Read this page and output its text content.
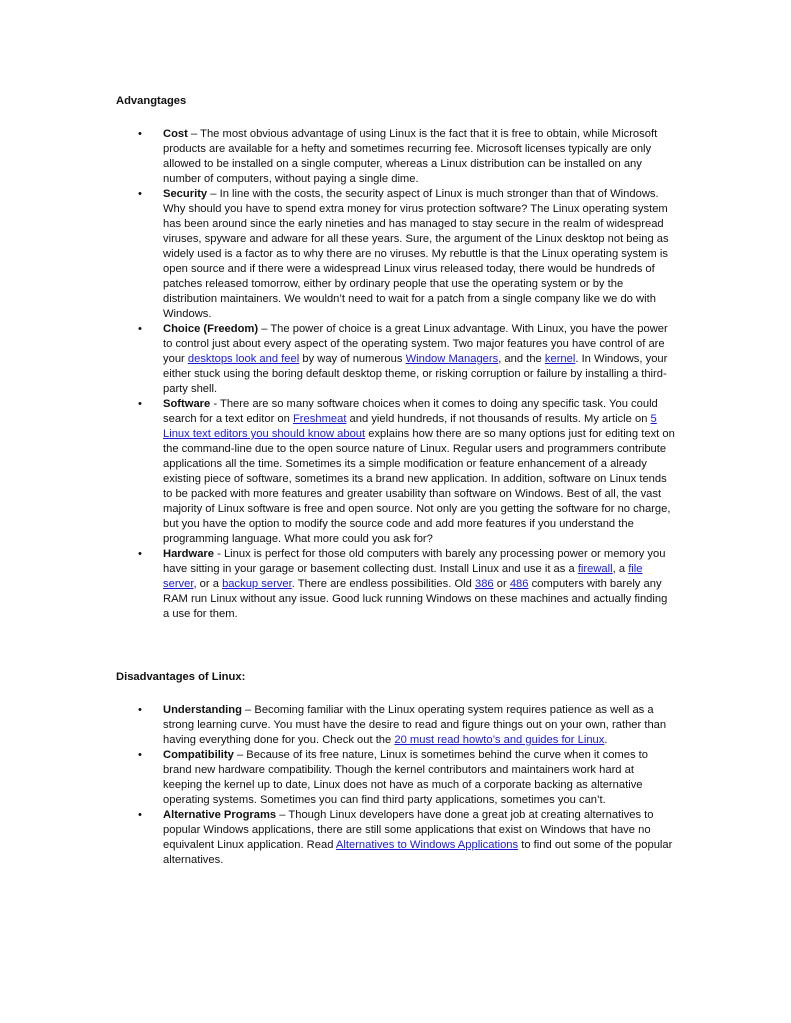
Advangtages
• Cost – The most obvious advantage of using Linux is the fact that it is free to obtain, while Microsoft products are available for a hefty and sometimes recurring fee. Microsoft licenses typically are only allowed to be installed on a single computer, whereas a Linux distribution can be installed on any number of computers, without paying a single dime.
• Security – In line with the costs, the security aspect of Linux is much stronger than that of Windows. Why should you have to spend extra money for virus protection software? The Linux operating system has been around since the early nineties and has managed to stay secure in the realm of widespread viruses, spyware and adware for all these years. Sure, the argument of the Linux desktop not being as widely used is a factor as to why there are no viruses. My rebuttle is that the Linux operating system is open source and if there were a widespread Linux virus released today, there would be hundreds of patches released tomorrow, either by ordinary people that use the operating system or by the distribution maintainers. We wouldn’t need to wait for a patch from a single company like we do with Windows.
• Choice (Freedom) – The power of choice is a great Linux advantage. With Linux, you have the power to control just about every aspect of the operating system. Two major features you have control of are your desktops look and feel by way of numerous Window Managers, and the kernel. In Windows, your either stuck using the boring default desktop theme, or risking corruption or failure by installing a third-party shell.
• Software - There are so many software choices when it comes to doing any specific task. You could search for a text editor on Freshmeat and yield hundreds, if not thousands of results. My article on 5 Linux text editors you should know about explains how there are so many options just for editing text on the command-line due to the open source nature of Linux. Regular users and programmers contribute applications all the time. Sometimes its a simple modification or feature enhancement of a already existing piece of software, sometimes its a brand new application. In addition, software on Linux tends to be packed with more features and greater usability than software on Windows. Best of all, the vast majority of Linux software is free and open source. Not only are you getting the software for no charge, but you have the option to modify the source code and add more features if you understand the programming language. What more could you ask for?
• Hardware - Linux is perfect for those old computers with barely any processing power or memory you have sitting in your garage or basement collecting dust. Install Linux and use it as a firewall, a file server, or a backup server. There are endless possibilities. Old 386 or 486 computers with barely any RAM run Linux without any issue. Good luck running Windows on these machines and actually finding a use for them.
Disadvantages of Linux:
• Understanding – Becoming familiar with the Linux operating system requires patience as well as a strong learning curve. You must have the desire to read and figure things out on your own, rather than having everything done for you. Check out the 20 must read howto’s and guides for Linux.
• Compatibility – Because of its free nature, Linux is sometimes behind the curve when it comes to brand new hardware compatibility. Though the kernel contributors and maintainers work hard at keeping the kernel up to date, Linux does not have as much of a corporate backing as alternative operating systems. Sometimes you can find third party applications, sometimes you can’t.
• Alternative Programs – Though Linux developers have done a great job at creating alternatives to popular Windows applications, there are still some applications that exist on Windows that have no equivalent Linux application. Read Alternatives to Windows Applications to find out some of the popular alternatives.
